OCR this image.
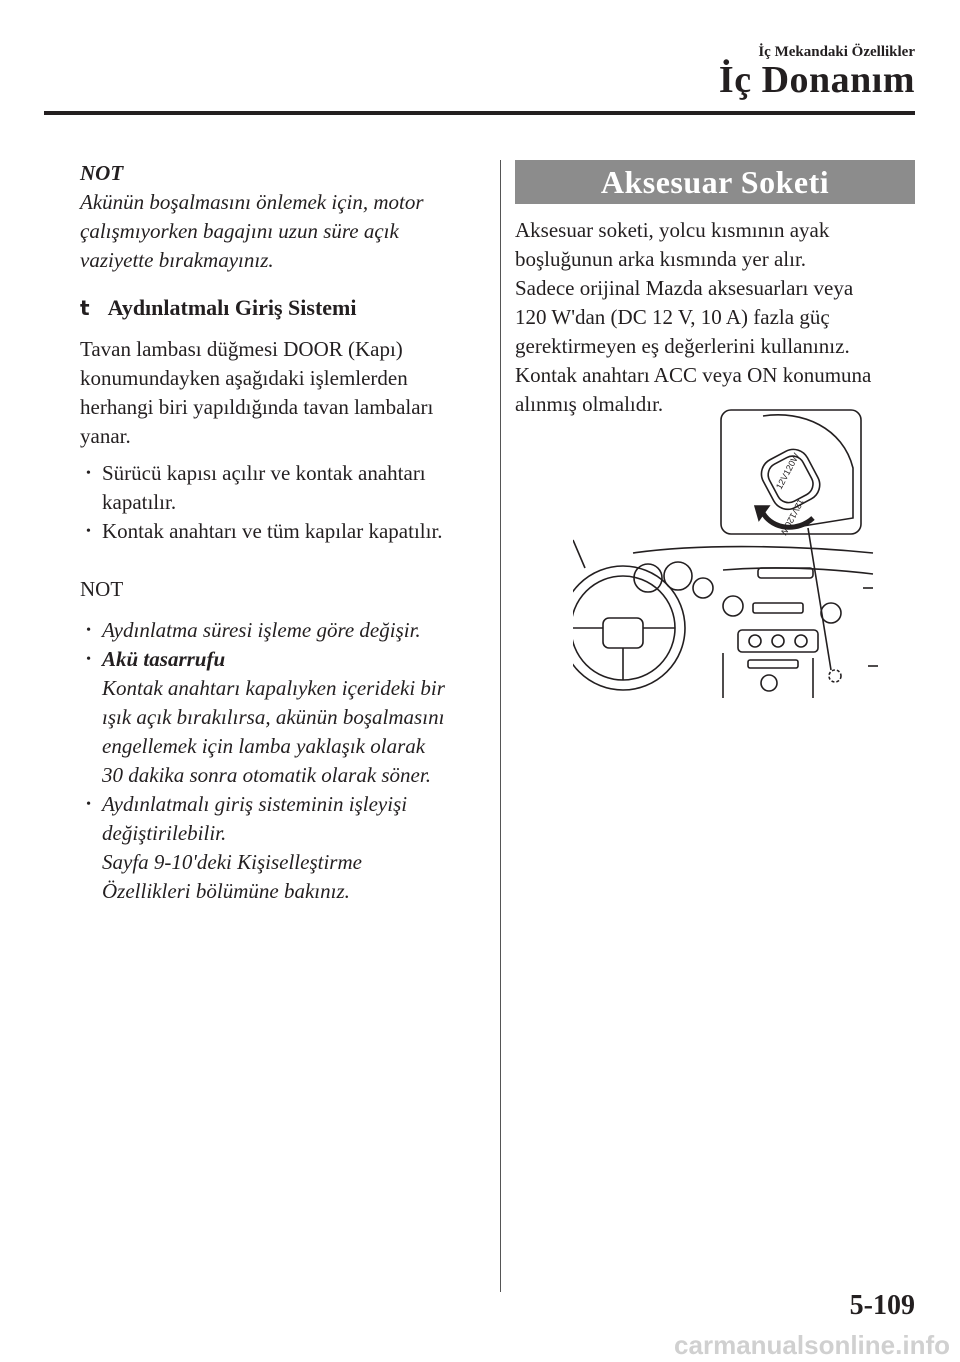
İç Mekandaki Özellikler
İç Donanım
NOT
Akünün boşalmasını önlemek için, motor
çalışmıyorken bagajını uzun süre açık
vaziyette bırakmayınız.
t Aydınlatmalı Giriş Sistemi
Tavan lambası düğmesi DOOR (Kapı)
konumundayken aşağıdaki işlemlerden
herhangi biri yapıldığında tavan lambaları
yanar.
• Sürücü kapısı açılır ve kontak anahtarı
kapatılır.
• Kontak anahtarı ve tüm kapılar kapatılır.
NOT
• Aydınlatma süresi işleme göre değişir.
• Akü tasarrufu
Kontak anahtarı kapalıyken içerideki bir
ışık açık bırakılırsa, akünün boşalmasını
engellemek için lamba yaklaşık olarak
30 dakika sonra otomatik olarak söner.
• Aydınlatmalı giriş sisteminin işleyişi
değiştirilebilir.
Sayfa 9-10'deki Kişiselleştirme
Özellikleri bölümüne bakınız.
Aksesuar Soketi
Aksesuar soketi, yolcu kısmının ayak
boşluğunun arka kısmında yer alır.
Sadece orijinal Mazda aksesuarları veya
120 W'dan (DC 12 V, 10 A) fazla güç
gerektirmeyen eş değerlerini kullanınız.
Kontak anahtarı ACC veya ON konumuna
alınmış olmalıdır.
12V120W
12V120W
5-109
carmanualsonline.info
